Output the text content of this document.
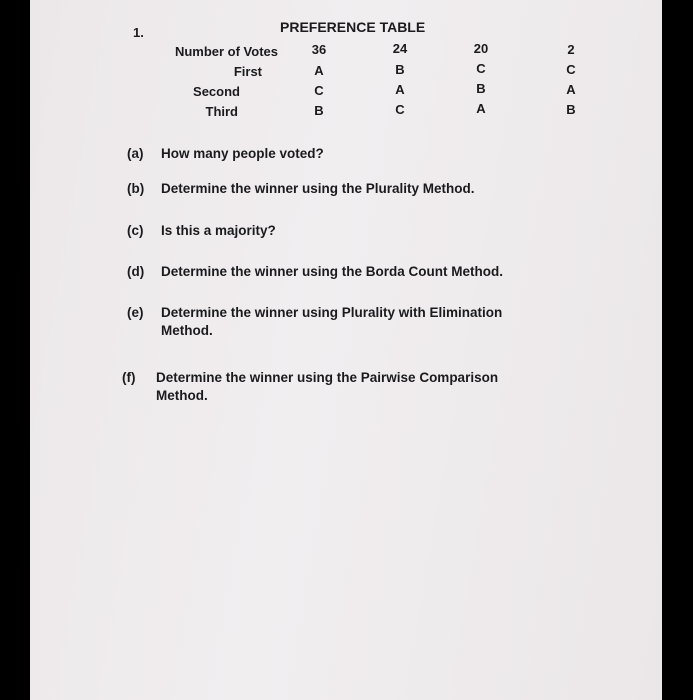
1.	PREFERENCE TABLE
Number of Votes
First
Second
Third
36
A
C
B
24
B
A
C
20
C
B
A
2
C
A
B
(a) How many people voted?
(b) Determine the winner using the Plurality Method.
(c) Is this a majority?
(d) Determine the winner using the Borda Count Method.
(e) Determine the winner using Plurality with Elimination
Method.
(f) Determine the winner using the Pairwise Comparison
Method.
